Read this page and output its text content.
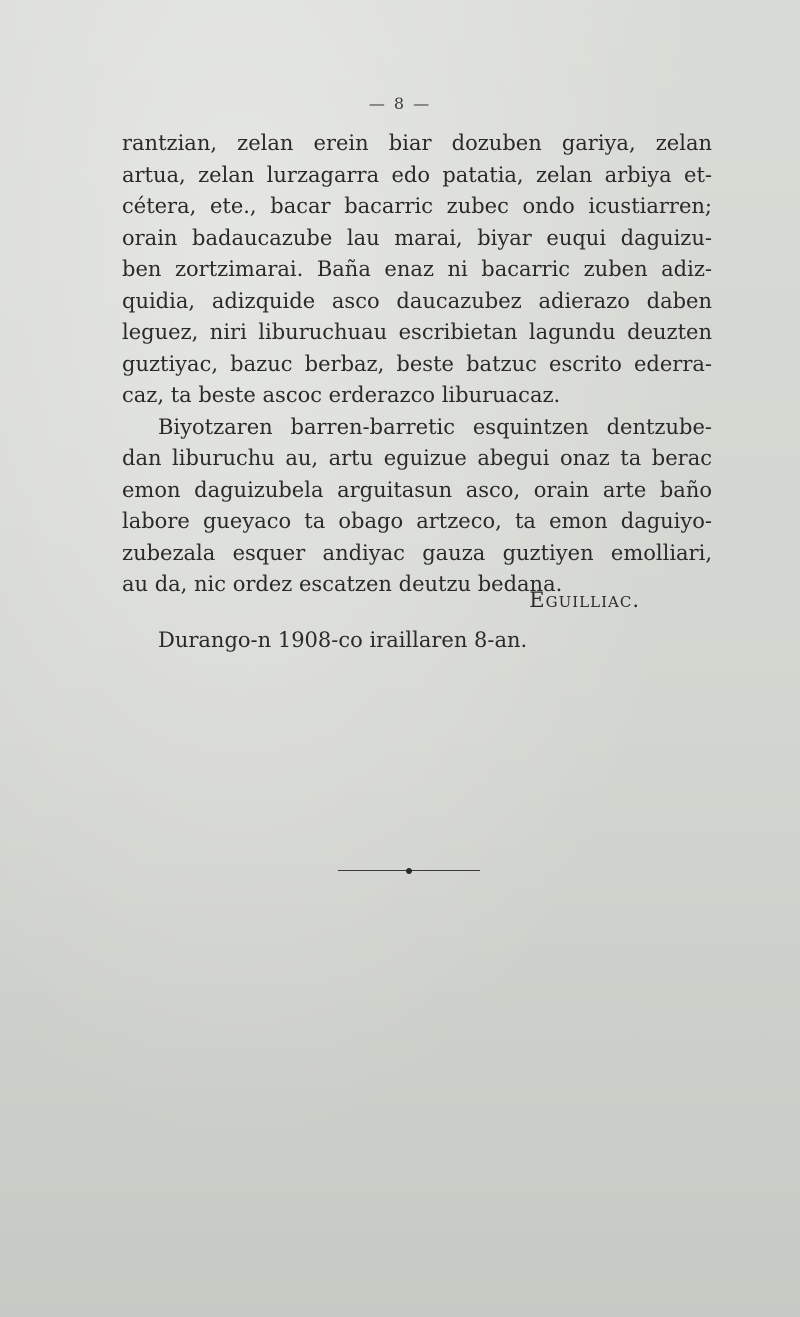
— 8 —
rantzian, zelan erein biar dozuben gariya, zelan
artua, zelan lurzagarra edo patatia, zelan arbiya et-
cétera, ete., bacar bacarric zubec ondo icustiarren;
orain badaucazube lau marai, biyar euqui daguizu-
ben zortzimarai. Baña enaz ni bacarric zuben adiz-
quidia, adizquide asco daucazubez adierazo daben
leguez, niri liburuchuau escribietan lagundu deuzten
guztiyac, bazuc berbaz, beste batzuc escrito ederra-
caz, ta beste ascoc erderazco liburuacaz.
Biyotzaren barren-barretic esquintzen dentzube-
dan liburuchu au, artu eguizue abegui onaz ta berac
emon daguizubela arguitasun asco, orain arte baño
labore gueyaco ta obago artzeco, ta emon daguiyo-
zubezala esquer andiyac gauza guztiyen emolliari,
au da, nic ordez escatzen deutzu bedana.
Eguilliac.
Durango-n 1908-co iraillaren 8-an.
